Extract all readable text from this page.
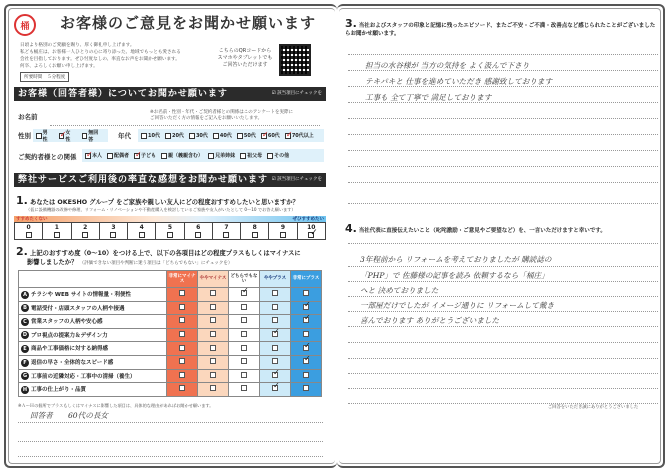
桶	お客様のご意見をお聞かせ願います
日頃より格別のご愛顧を賜り、厚く御礼申し上げます。
私ども桶庄は、お客様一人ひとりの心に寄り添った、地域でもっとも愛される
会社を目指しております。ぜひ忖度なしの、率直なお声をお聞かせ願います。
何卒、よろしくお願い申し上げます。
所要時間　５分程度
こちらのQRコードから
スマホやタブレットでも
ご回答いただけます
お客様（回答者様）についてお聞かせ願います	☑ 該当項目にチェックを
お名前
※お名前・性別・年代・ご契約者様との関係はこのアンケートを実際に
ご回答いただく方の情報をご記入をお願いいたします。
性別 男性
✓
女性
無回答	年代	10代 20代 30代 40代 50代
✓ 60代 ✓ 70代以上
ご契約者様との関係 ✓	本人 配偶者 ✓ 子ども 親（義親含む） 兄弟姉妹 祖父母 その他
弊社サービスご利用後の率直な感想をお聞かせ願います ☑ 該当項目にチェックを
1. あなたは OKESHO グループ をご家族や親しい友人にどの程度おすすめしたいと思いますか？
（仮に設備機器の改修や修理、リフォーム・リノベーションや不動産購入を検討しているご家族や友人がいたとして 0〜10 でお答え願います）
すすめたくない	ぜひすすめたい
0	1	2	3	4	5	6	7	8	9	10
✓
2. 上記のおすすめ度（0〜10）をつける上で、以下の各項目はどの程度プラスもしくはマイナスに
影響しましたか？ （評価できない項目や判断に迷う項目は「どちらでもない」にチェックを）
	非常にマイナス	ややマイナス	どちらでもない	ややプラス	非常にプラス
A チラシや WEB サイトの情報量・利便性			✓		
B 電話受付・店頭スタッフの人柄や接遇					✓
C 営業スタッフの人柄や安心感					✓
D プロ視点の提案力＆デザイン力				✓	
E 商品や工事価格に対する納得感					✓
F 返信の早さ・全体的なスピード感					✓
G 工事前の近隣対応・工事中の清掃（養生）				✓	
H 工事の仕上がり・品質				✓	
※Ａ〜Ｈの個所でプラスもしくはマイナスに影響した項目は、具体的な理由があればお聞かせ願います。
回答者　　60代の長女
3. 当社およびスタッフの印象と記憶に残ったエピソード、またご不安・ご不満・改善点など感じられたことがございましたらお聞かせ願います。
担当の水谷様が 当方の気持を よく汲んで下さり
テキパキと 仕事を進めていただき 感謝致しております
工事も 全て丁寧で 満足しております
4. 当社代表に直接伝えたいこと（叱咤激励・ご意見やご要望など）を、一言いただけますと幸いです。
3年程前から リフォームを考えておりましたが 購読誌の
「PHP」で 佐藤様の記事を読み 依頼するなら「桶庄」
へと 決めておりました
一部屋だけでしたが イメージ通りに リフォームして戴き
喜んでおります ありがとうございました
ご回答をいただき誠にありがとうございました
